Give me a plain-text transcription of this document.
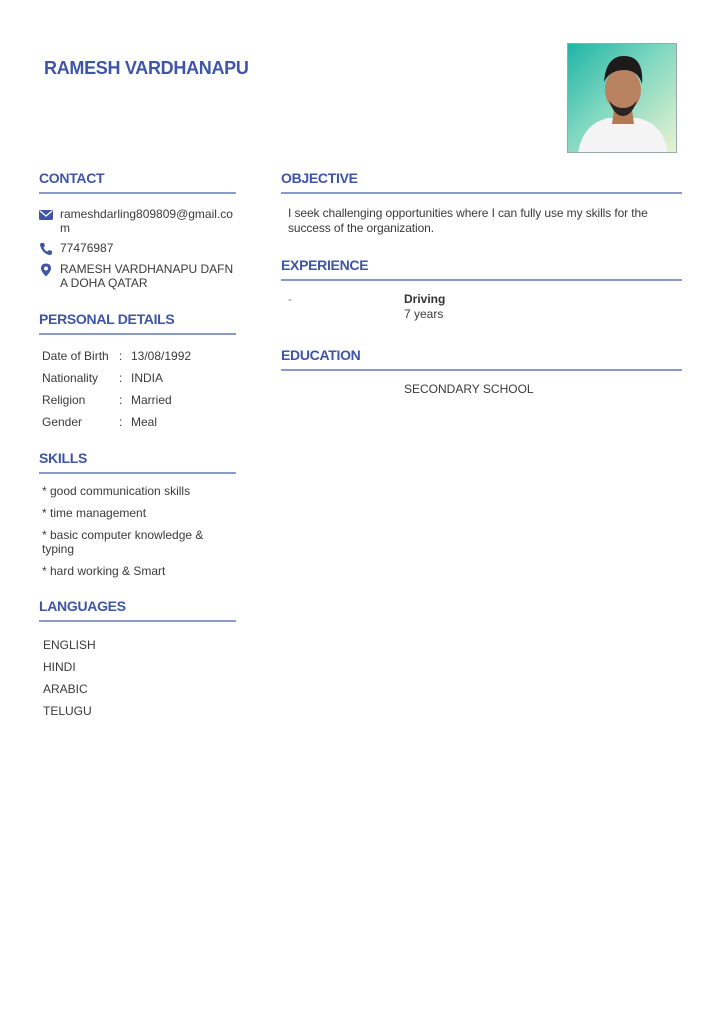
RAMESH VARDHANAPU
CONTACT
rameshdarling809809@gmail.com
77476987
RAMESH VARDHANAPU DAFNA DOHA QATAR
PERSONAL DETAILS
Date of Birth : 13/08/1992
Nationality	: INDIA
Religion	: Married
Gender	: Meal
SKILLS
* good communication skills
* time management
* basic computer knowledge & typing
* hard working & Smart
LANGUAGES
ENGLISH
HINDI
ARABIC
TELUGU
OBJECTIVE
I seek challenging opportunities where I can fully use my skills for the success of the organization.
EXPERIENCE
-	Driving
7 years
EDUCATION
SECONDARY SCHOOL
